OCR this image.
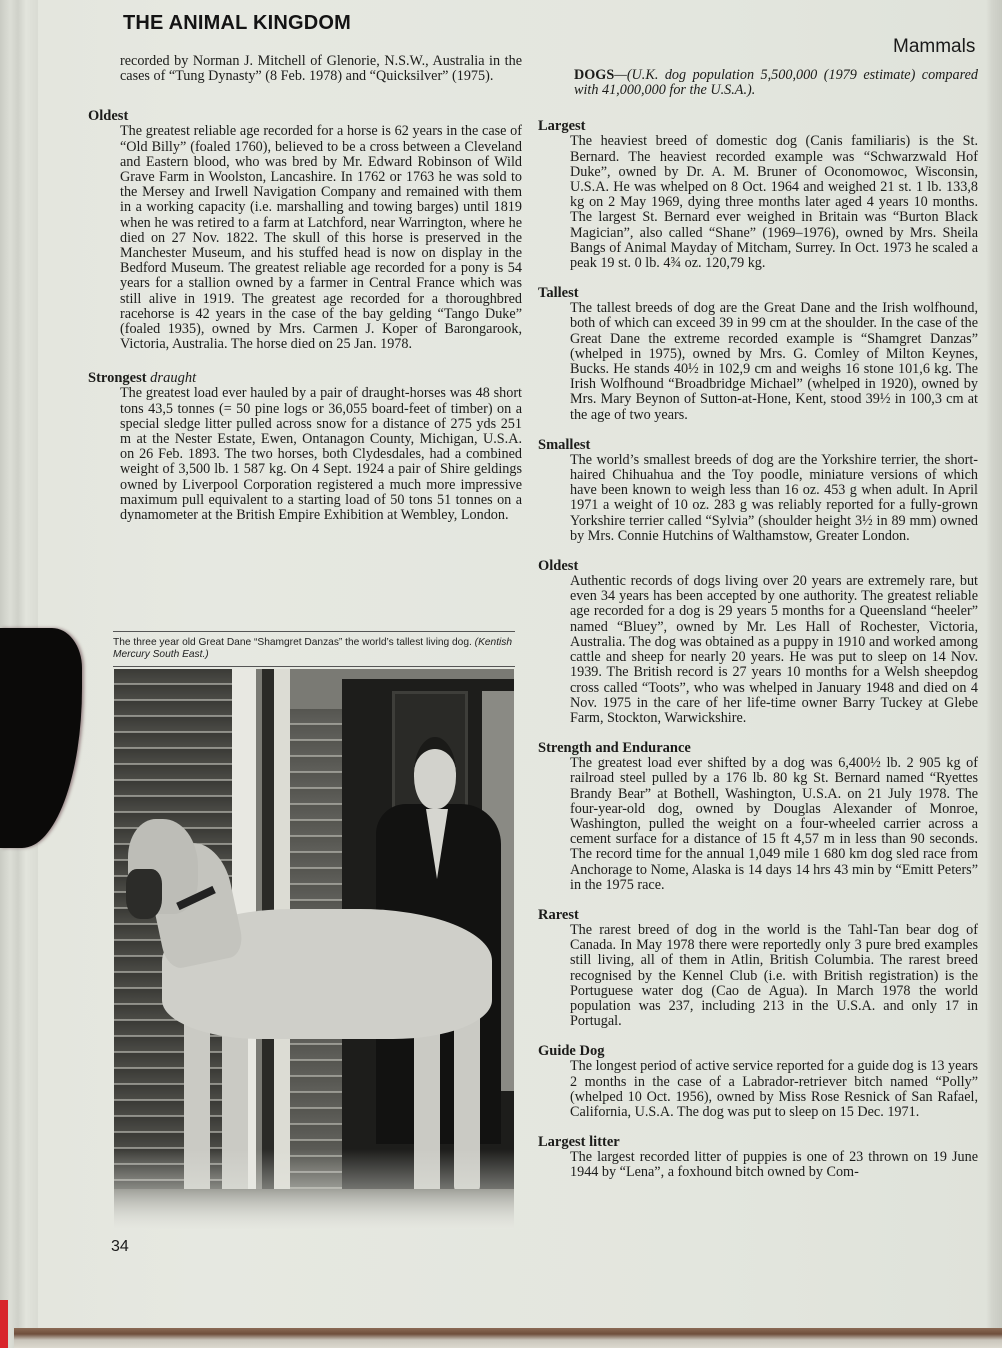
THE ANIMAL KINGDOM
Mammals

recorded by Norman J. Mitchell of Glenorie, N.S.W., Australia in the cases of “Tung Dynasty” (8 Feb. 1978) and “Quicksilver” (1975).

Oldest

The greatest reliable age recorded for a horse is 62 years in the case of “Old Billy” (foaled 1760), believed to be a cross between a Cleveland and Eastern blood, who was bred by Mr. Edward Robinson of Wild Grave Farm in Woolston, Lancashire. In 1762 or 1763 he was sold to the Mersey and Irwell Navigation Company and remained with them in a working capacity (i.e. marshalling and towing barges) until 1819 when he was retired to a farm at Latchford, near Warrington, where he died on 27 Nov. 1822. The skull of this horse is preserved in the Manchester Museum, and his stuffed head is now on display in the Bedford Museum. The greatest reliable age recorded for a pony is 54 years for a stallion owned by a farmer in Central France which was still alive in 1919. The greatest age recorded for a thoroughbred racehorse is 42 years in the case of the bay gelding “Tango Duke” (foaled 1935), owned by Mrs. Carmen J. Koper of Barongarook, Victoria, Australia. The horse died on 25 Jan. 1978.

Strongest draught

The greatest load ever hauled by a pair of draught-horses was 48 short tons 43,5 tonnes (= 50 pine logs or 36,055 board-feet of timber) on a special sledge litter pulled across snow for a distance of 275 yds 251 m at the Nester Estate, Ewen, Ontanagon County, Michigan, U.S.A. on 26 Feb. 1893. The two horses, both Clydesdales, had a combined weight of 3,500 lb. 1 587 kg. On 4 Sept. 1924 a pair of Shire geldings owned by Liverpool Corporation registered a much more impressive maximum pull equivalent to a starting load of 50 tons 51 tonnes on a dynamometer at the British Empire Exhibition at Wembley, London.

The three year old Great Dane “Shamgret Danzas” the world’s tallest living dog. (Kentish Mercury South East.)

DOGS—(U.K. dog population 5,500,000 (1979 estimate) compared with 41,000,000 for the U.S.A.).

Largest

The heaviest breed of domestic dog (Canis familiaris) is the St. Bernard. The heaviest recorded example was “Schwarzwald Hof Duke”, owned by Dr. A. M. Bruner of Oconomowoc, Wisconsin, U.S.A. He was whelped on 8 Oct. 1964 and weighed 21 st. 1 lb. 133,8 kg on 2 May 1969, dying three months later aged 4 years 10 months. The largest St. Bernard ever weighed in Britain was “Burton Black Magician”, also called “Shane” (1969–1976), owned by Mrs. Sheila Bangs of Animal Mayday of Mitcham, Surrey. In Oct. 1973 he scaled a peak 19 st. 0 lb. 4¾ oz. 120,79 kg.

Tallest

The tallest breeds of dog are the Great Dane and the Irish wolfhound, both of which can exceed 39 in 99 cm at the shoulder. In the case of the Great Dane the extreme recorded example is “Shamgret Danzas” (whelped in 1975), owned by Mrs. G. Comley of Milton Keynes, Bucks. He stands 40½ in 102,9 cm and weighs 16 stone 101,6 kg. The Irish Wolfhound “Broadbridge Michael” (whelped in 1920), owned by Mrs. Mary Beynon of Sutton-at-Hone, Kent, stood 39½ in 100,3 cm at the age of two years.

Smallest

The world’s smallest breeds of dog are the Yorkshire terrier, the short-haired Chihuahua and the Toy poodle, miniature versions of which have been known to weigh less than 16 oz. 453 g when adult. In April 1971 a weight of 10 oz. 283 g was reliably reported for a fully-grown Yorkshire terrier called “Sylvia” (shoulder height 3½ in 89 mm) owned by Mrs. Connie Hutchins of Walthamstow, Greater London.

Oldest

Authentic records of dogs living over 20 years are extremely rare, but even 34 years has been accepted by one authority. The greatest reliable age recorded for a dog is 29 years 5 months for a Queensland “heeler” named “Bluey”, owned by Mr. Les Hall of Rochester, Victoria, Australia. The dog was obtained as a puppy in 1910 and worked among cattle and sheep for nearly 20 years. He was put to sleep on 14 Nov. 1939. The British record is 27 years 10 months for a Welsh sheepdog cross called “Toots”, who was whelped in January 1948 and died on 4 Nov. 1975 in the care of her life-time owner Barry Tuckey at Glebe Farm, Stockton, Warwickshire.

Strength and Endurance

The greatest load ever shifted by a dog was 6,400½ lb. 2 905 kg of railroad steel pulled by a 176 lb. 80 kg St. Bernard named “Ryettes Brandy Bear” at Bothell, Washington, U.S.A. on 21 July 1978. The four-year-old dog, owned by Douglas Alexander of Monroe, Washington, pulled the weight on a four-wheeled carrier across a cement surface for a distance of 15 ft 4,57 m in less than 90 seconds. The record time for the annual 1,049 mile 1 680 km dog sled race from Anchorage to Nome, Alaska is 14 days 14 hrs 43 min by “Emitt Peters” in the 1975 race.

Rarest

The rarest breed of dog in the world is the Tahl-Tan bear dog of Canada. In May 1978 there were reportedly only 3 pure bred examples still living, all of them in Atlin, British Columbia. The rarest breed recognised by the Kennel Club (i.e. with British registration) is the Portuguese water dog (Cao de Agua). In March 1978 the world population was 237, including 213 in the U.S.A. and only 17 in Portugal.

Guide Dog

The longest period of active service reported for a guide dog is 13 years 2 months in the case of a Labrador-retriever bitch named “Polly” (whelped 10 Oct. 1956), owned by Miss Rose Resnick of San Rafael, California, U.S.A. The dog was put to sleep on 15 Dec. 1971.

Largest litter

The largest recorded litter of puppies is one of 23 thrown on 19 June 1944 by “Lena”, a foxhound bitch owned by Com-

34
